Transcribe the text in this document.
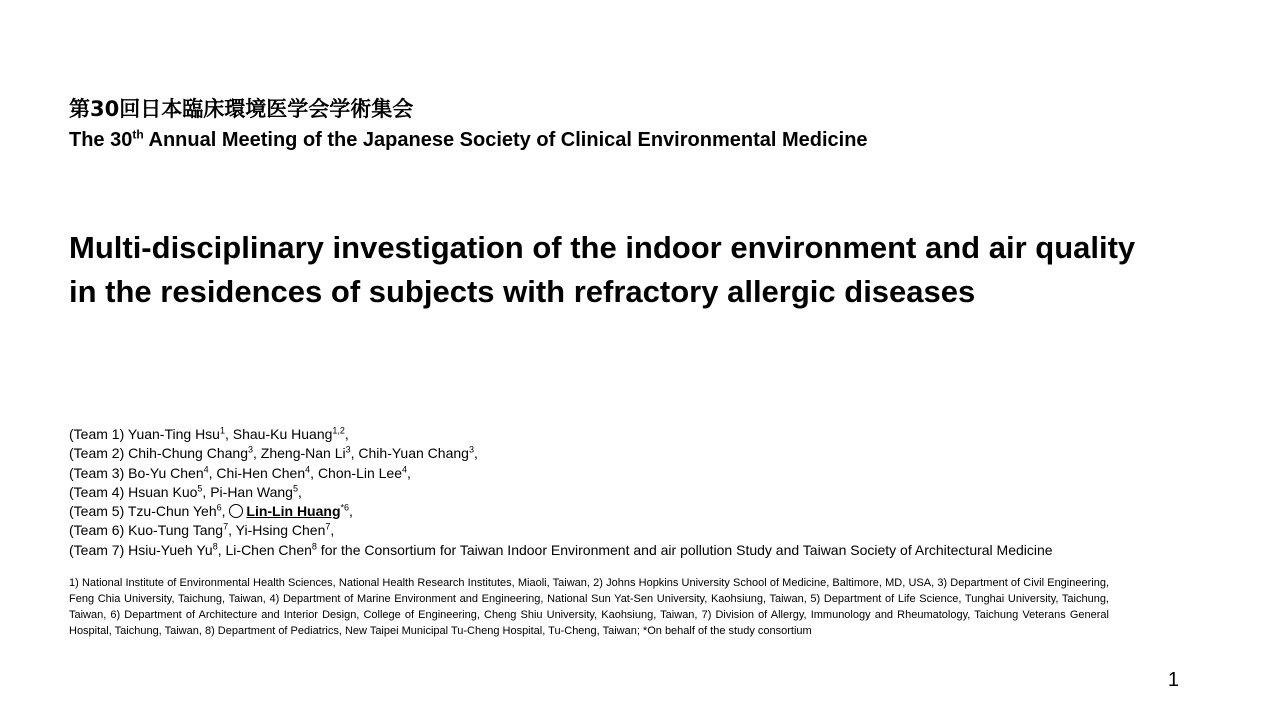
第30回日本臨床環境医学会学術集会
The 30th Annual Meeting of the Japanese Society of Clinical Environmental Medicine
Multi-disciplinary investigation of the indoor environment and air quality
in the residences of subjects with refractory allergic diseases
(Team 1) Yuan-Ting Hsu$^1$, Shau-Ku Huang$^{1,2}$,
(Team 2) Chih-Chung Chang$^3$, Zheng-Nan Li$^3$, Chih-Yuan Chang$^3$,
(Team 3) Bo-Yu Chen$^4$, Chi-Hen Chen$^4$, Chon-Lin Lee$^4$,
(Team 4) Hsuan Kuo$^5$, Pi-Han Wang$^5$,
(Team 5) Tzu-Chun Yeh$^6$, Lin-Lin Huang$^{*6}$,
(Team 6) Kuo-Tung Tang$^7$, Yi-Hsing Chen$^7$,
(Team 7) Hsiu-Yueh Yu$^8$, Li-Chen Chen$^8$ for the Consortium for Taiwan Indoor Environment and air pollution Study and Taiwan Society of Architectural Medicine
1) National Institute of Environmental Health Sciences, National Health Research Institutes, Miaoli, Taiwan, 2) Johns Hopkins University School of Medicine, Baltimore, MD, USA, 3) Department of Civil Engineering, Feng Chia University, Taichung, Taiwan, 4) Department of Marine Environment and Engineering, National Sun Yat-Sen University, Kaohsiung, Taiwan, 5) Department of Life Science, Tunghai University, Taichung, Taiwan, 6) Department of Architecture and Interior Design, College of Engineering, Cheng Shiu University, Kaohsiung, Taiwan, 7) Division of Allergy, Immunology and Rheumatology, Taichung Veterans General Hospital, Taichung, Taiwan, 8) Department of Pediatrics, New Taipei Municipal Tu-Cheng Hospital, Tu-Cheng, Taiwan; *On behalf of the study consortium
1
